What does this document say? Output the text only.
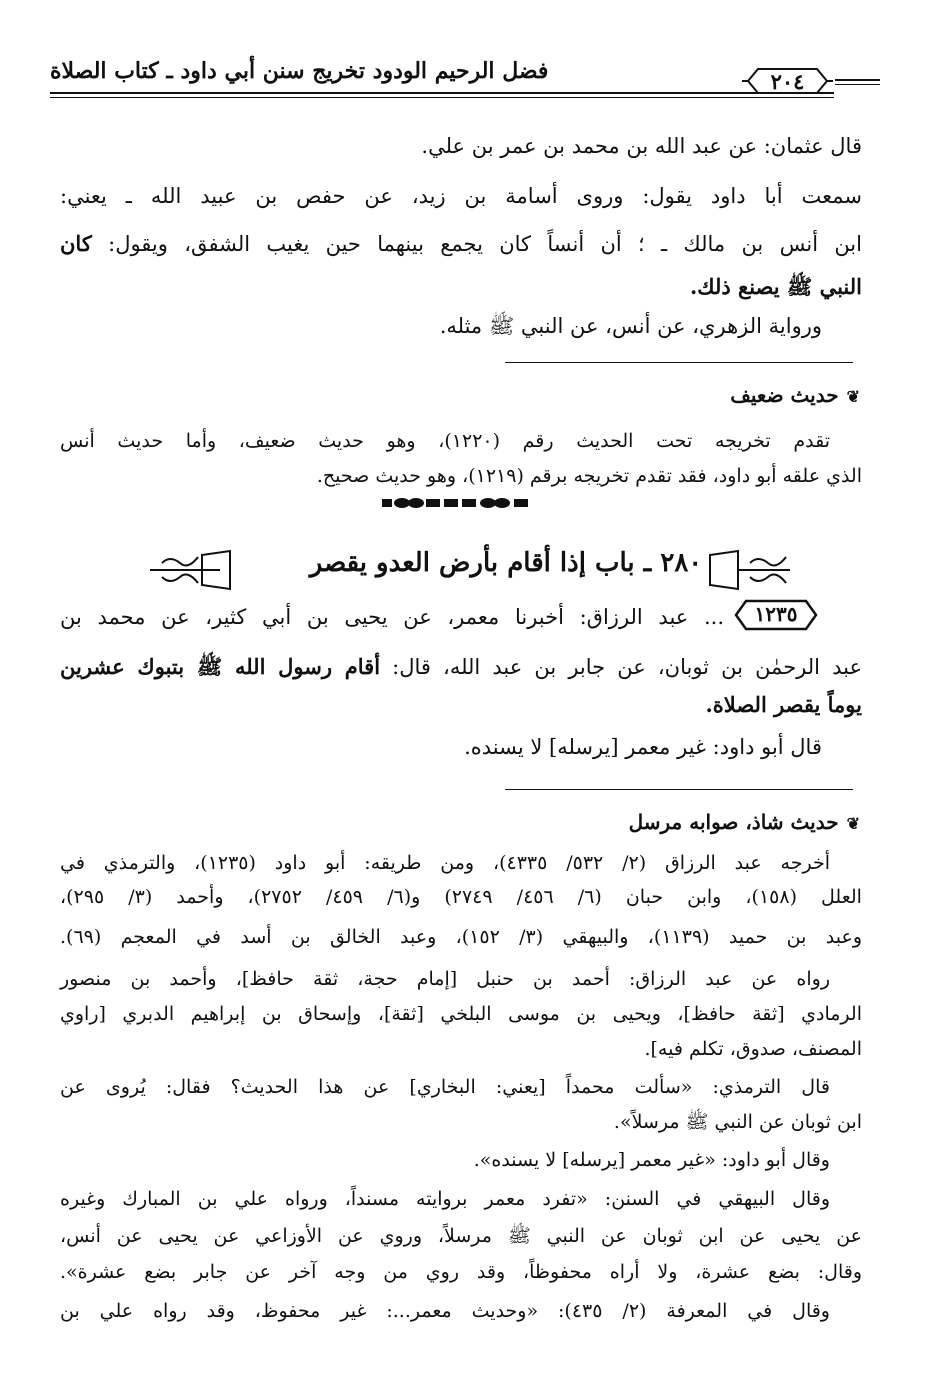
فضل الرحيم الودود تخريج سنن أبي داود ـ كتاب الصلاة	٢٠٤
قال عثمان: عن عبد الله بن محمد بن عمر بن علي.
سمعت أبا داود يقول: وروى أسامة بن زيد، عن حفص بن عبيد الله ـ يعني:
ابن أنس بن مالك ـ ؛ أن أنساً كان يجمع بينهما حين يغيب الشفق، ويقول: كان
النبي ﷺ يصنع ذلك.
ورواية الزهري، عن أنس، عن النبي ﷺ مثله.
❦حديث ضعيف
تقدم تخريجه تحت الحديث رقم (١٢٢٠)، وهو حديث ضعيف، وأما حديث أنس
الذي علقه أبو داود، فقد تقدم تخريجه برقم (١٢١٩)، وهو حديث صحيح.
٢٨٠ ـ باب إذا أقام بأرض العدو يقصر
١٢٣٥
... عبد الرزاق: أخبرنا معمر، عن يحيى بن أبي كثير، عن محمد بن
عبد الرحمٰن بن ثوبان، عن جابر بن عبد الله، قال: أقام رسول الله ﷺ بتبوك عشرين
يوماً يقصر الصلاة.
قال أبو داود: غير معمر [يرسله] لا يسنده.
❦حديث شاذ، صوابه مرسل
أخرجه عبد الرزاق (٢/ ٥٣٢/ ٤٣٣٥)، ومن طريقه: أبو داود (١٢٣٥)، والترمذي في
العلل (١٥٨)، وابن حبان (٦/ ٤٥٦/ ٢٧٤٩) و(٦/ ٤٥٩/ ٢٧٥٢)، وأحمد (٣/ ٢٩٥)،
وعبد بن حميد (١١٣٩)، والبيهقي (٣/ ١٥٢)، وعبد الخالق بن أسد في المعجم (٦٩).
رواه عن عبد الرزاق: أحمد بن حنبل [إمام حجة، ثقة حافظ]، وأحمد بن منصور
الرمادي [ثقة حافظ]، ويحيى بن موسى البلخي [ثقة]، وإسحاق بن إبراهيم الدبري [راوي
المصنف، صدوق، تكلم فيه].
قال الترمذي: «سألت محمداً [يعني: البخاري] عن هذا الحديث؟ فقال: يُروى عن
ابن ثوبان عن النبي ﷺ مرسلاً».
وقال أبو داود: «غير معمر [يرسله] لا يسنده».
وقال البيهقي في السنن: «تفرد معمر بروايته مسنداً، ورواه علي بن المبارك وغيره
عن يحيى عن ابن ثوبان عن النبي ﷺ مرسلاً، وروي عن الأوزاعي عن يحيى عن أنس،
وقال: بضع عشرة، ولا أراه محفوظاً، وقد روي من وجه آخر عن جابر بضع عشرة».
وقال في المعرفة (٢/ ٤٣٥): «وحديث معمر...: غير محفوظ، وقد رواه علي بن
